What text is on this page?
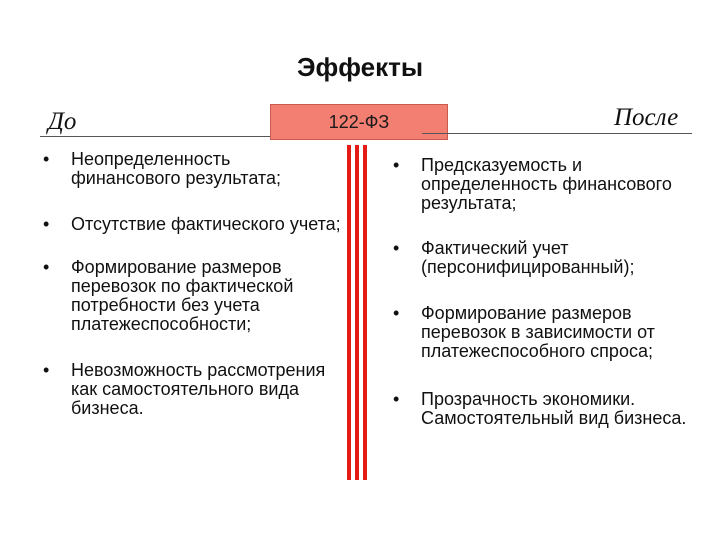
Эффекты
До	122-ФЗ	После
• Неопределенность финансового результата;
• Отсутствие фактического учета;
• Формирование размеров перевозок по фактической потребности без учета платежеспособности;
• Невозможность рассмотрения как самостоятельного вида бизнеса.
• Предсказуемость и определенность финансового результата;
• Фактический учет (персонифицированный);
• Формирование размеров перевозок в зависимости от платежеспособного спроса;
• Прозрачность экономики. Самостоятельный вид бизнеса.
